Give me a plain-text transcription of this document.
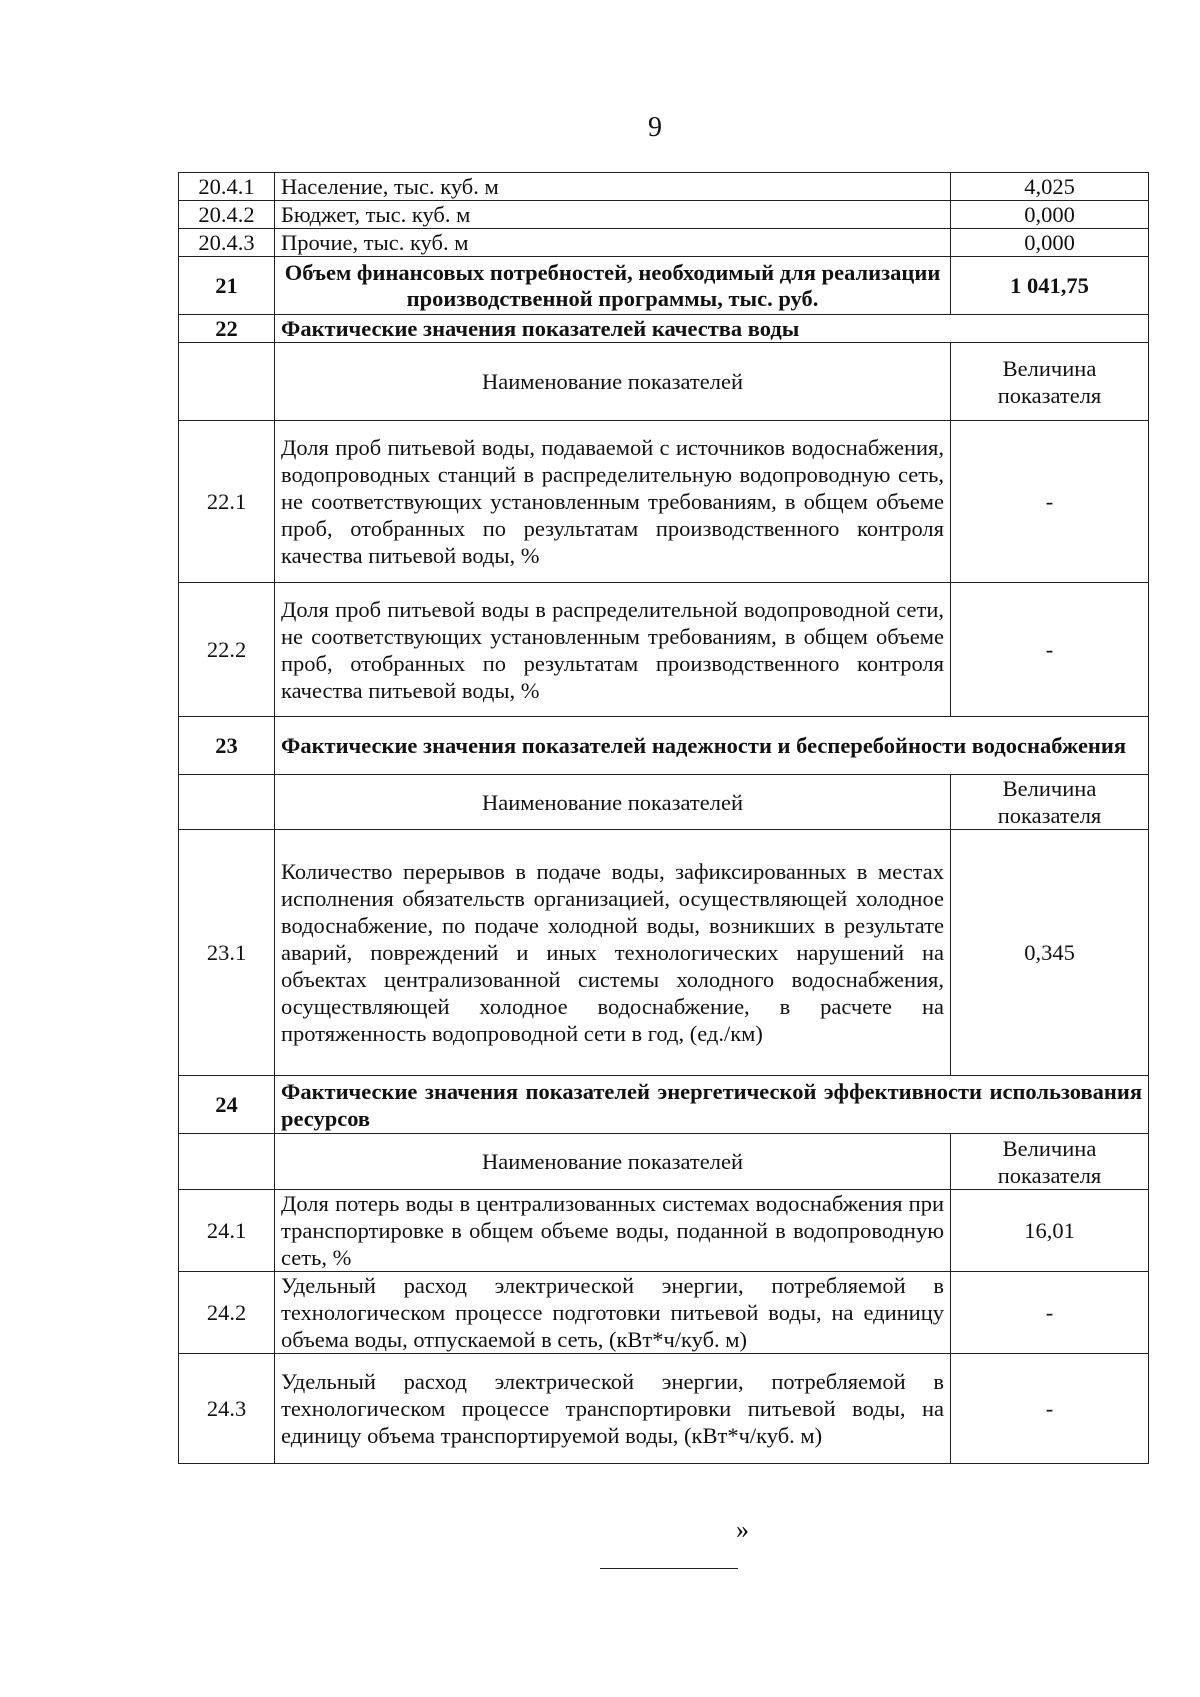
9
20.4.1	Население, тыс. куб. м	4,025
20.4.2	Бюджет, тыс. куб. м	0,000
20.4.3	Прочие, тыс. куб. м	0,000
21	Объем финансовых потребностей, необходимый для реализации производственной программы, тыс. руб.	1 041,75
22	Фактические значения показателей качества воды	
	Наименование показателей	Величина показателя
22.1	Доля проб питьевой воды, подаваемой с источников водоснабжения, водопроводных станций в распределительную водопроводную сеть, не соответствующих установленным требованиям, в общем объеме проб, отобранных по результатам производственного контроля качества питьевой воды, %	-
22.2	Доля проб питьевой воды в распределительной водопроводной сети, не соответствующих установленным требованиям, в общем объеме проб, отобранных по результатам производственного контроля качества питьевой воды, %	-
23	Фактические значения показателей надежности и бесперебойности водоснабжения	
	Наименование показателей	Величина показателя
23.1	Количество перерывов в подаче воды, зафиксированных в местах исполнения обязательств организацией, осуществляющей холодное водоснабжение, по подаче холодной воды, возникших в результате аварий, повреждений и иных технологических нарушений на объектах централизованной системы холодного водоснабжения, осуществляющей холодное водоснабжение, в расчете на протяженность водопроводной сети в год, (ед./км)	0,345
24	Фактические значения показателей энергетической эффективности использования ресурсов	
	Наименование показателей	Величина показателя
24.1	Доля потерь воды в централизованных системах водоснабжения при транспортировке в общем объеме воды, поданной в водопроводную сеть, %	16,01
24.2	Удельный расход электрической энергии, потребляемой в технологическом процессе подготовки питьевой воды, на единицу объема воды, отпускаемой в сеть, (кВт*ч/куб. м)	-
24.3	Удельный расход электрической энергии, потребляемой в технологическом процессе транспортировки питьевой воды, на единицу объема транспортируемой воды, (кВт*ч/куб. м)	-
»
